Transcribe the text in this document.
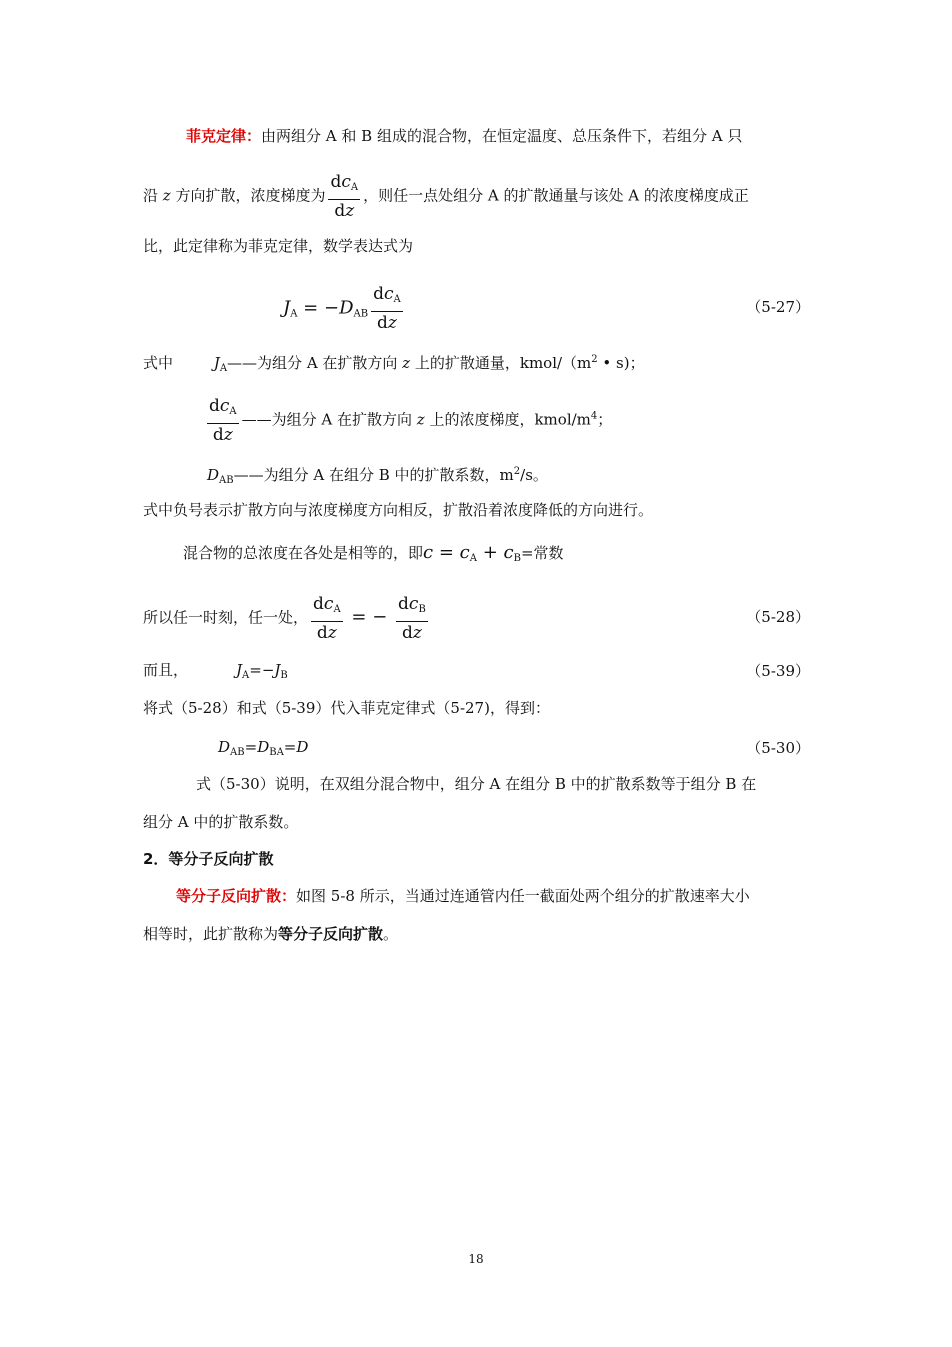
菲克定律：由两组分 A 和 B 组成的混合物，在恒定温度、总压条件下，若组分 A 只
沿 z 方向扩散，浓度梯度为 $\frac{dc_A}{dz}$ ，则任一点处组分 A 的扩散通量与该处 A 的浓度梯度成正
比，此定律称为菲克定律，数学表达式为
$J_A = -D_{AB} \frac{dc_A}{dz}$	（5-27）
式中	$J_A——$为组分 A 在扩散方向 z 上的扩散通量，kmol/（$m^2$ • s)；
$\frac{dc_A}{dz}$ ——为组分 A 在扩散方向 z 上的浓度梯度，kmol/$m^4$；
$D_{AB}——$为组分 A 在组分 B 中的扩散系数，$m^2/s$。
式中负号表示扩散方向与浓度梯度方向相反，扩散沿着浓度降低的方向进行。
混合物的总浓度在各处是相等的，即$c = c_A + c_B=$常数
所以任一时刻，任一处， $\frac{dc_A}{dz}$ = − $\frac{dc_B}{dz}$	（5-28）
而且，	$J_A=-J_B$	（5-39）
将式（5-28）和式（5-39）代入菲克定律式（5-27)，得到：
$D_{AB}=D_{BA}=D$	（5-30）
式（5-30）说明，在双组分混合物中，组分 A 在组分 B 中的扩散系数等于组分 B 在
组分 A 中的扩散系数。
2．等分子反向扩散
等分子反向扩散：如图 5-8 所示，当通过连通管内任一截面处两个组分的扩散速率大小
相等时，此扩散称为等分子反向扩散。
18
